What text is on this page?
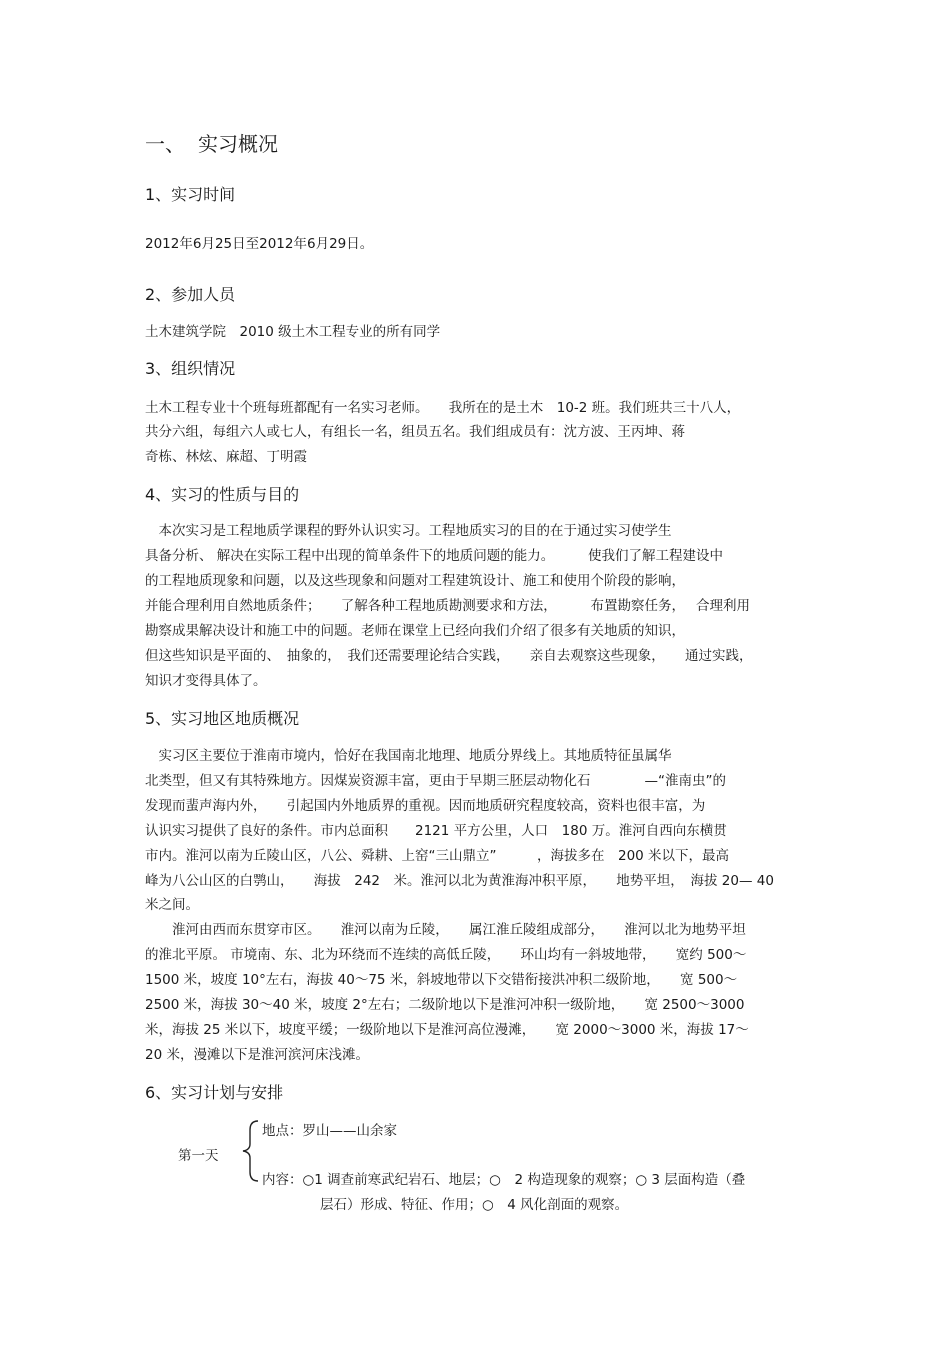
一、 实习概况
1、实习时间
2012年6月25日至2012年6月29日。
2、参加人员
土木建筑学院　2010 级土木工程专业的所有同学
3、组织情况
土木工程专业十个班每班都配有一名实习老师。　　我所在的是土木　10-2 班。我们班共三十八人，
共分六组，每组六人或七人，有组长一名，组员五名。我们组成员有：沈方波、王丙坤、蒋
奇栋、林炫、麻超、丁明霞
4、实习的性质与目的
　本次实习是工程地质学课程的野外认识实习。工程地质实习的目的在于通过实习使学生
具备分析、 解决在实际工程中出现的简单条件下的地质问题的能力。　　　使我们了解工程建设中
的工程地质现象和问题，以及这些现象和问题对工程建筑设计、施工和使用个阶段的影响，
并能合理利用自然地质条件；　　了解各种工程地质勘测要求和方法，　　　布置勘察任务，　 合理利用
勘察成果解决设计和施工中的问题。老师在课堂上已经向我们介绍了很多有关地质的知识，
但这些知识是平面的、　抽象的，　我们还需要理论结合实践，　　亲自去观察这些现象，　　通过实践，
知识才变得具体了。
5、实习地区地质概况
　实习区主要位于淮南市境内，恰好在我国南北地理、地质分界线上。其地质特征虽属华
北类型，但又有其特殊地方。因煤炭资源丰富，更由于早期三胚层动物化石　　　　—“淮南虫”的
发现而蜚声海内外，　　引起国内外地质界的重视。因而地质研究程度较高，资料也很丰富，为
认识实习提供了良好的条件。市内总面积　　2121 平方公里，人口　180 万。淮河自西向东横贯
市内。淮河以南为丘陵山区，八公、舜耕、上窑“三山鼎立”　　　，海拔多在　200 米以下，最高
峰为八公山区的白鹗山，　　海拔　242　米。淮河以北为黄淮海冲积平原，　　地势平坦，　海拔 20— 40
米之间。
　　淮河由西而东贯穿市区。　　淮河以南为丘陵，　　属江淮丘陵组成部分，　　淮河以北为地势平坦
的淮北平原。 市境南、东、北为环绕而不连续的高低丘陵，　　环山均有一斜坡地带，　　宽约 500～
1500 米，坡度 10°左右，海拔 40～75 米，斜坡地带以下交错衔接洪冲积二级阶地，　　宽 500～
2500 米，海拔 30～40 米，坡度 2°左右；二级阶地以下是淮河冲积一级阶地，　　宽 2500～3000
米，海拔 25 米以下，坡度平缓；一级阶地以下是淮河高位漫滩，　　宽 2000～3000 米，海拔 17～
20 米，漫滩以下是淮河滨河床浅滩。
6、实习计划与安排
第一天
地点：罗山——山余家
内容：○1 调查前寒武纪岩石、地层；○　2 构造现象的观察；○ 3 层面构造（叠
层石）形成、特征、作用；○　4 风化剖面的观察。
